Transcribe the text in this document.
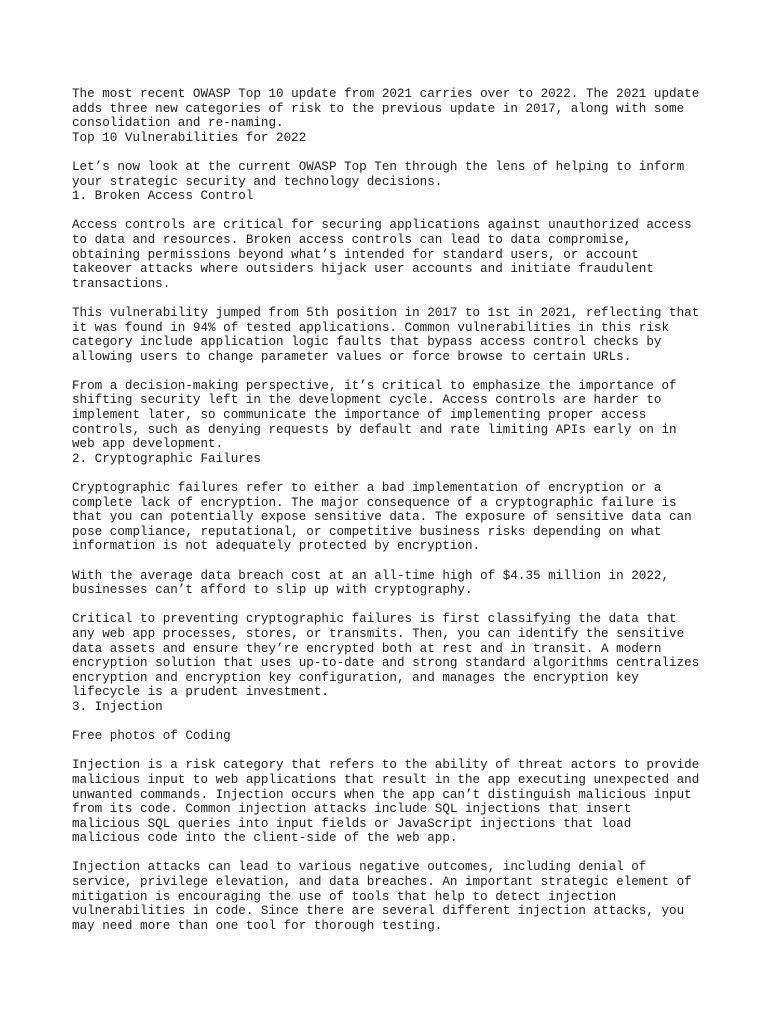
The most recent OWASP Top 10 update from 2021 carries over to 2022. The 2021 update
adds three new categories of risk to the previous update in 2017, along with some
consolidation and re-naming.
Top 10 Vulnerabilities for 2022
Let’s now look at the current OWASP Top Ten through the lens of helping to inform
your strategic security and technology decisions.
1. Broken Access Control
Access controls are critical for securing applications against unauthorized access
to data and resources. Broken access controls can lead to data compromise,
obtaining permissions beyond what’s intended for standard users, or account
takeover attacks where outsiders hijack user accounts and initiate fraudulent
transactions.
This vulnerability jumped from 5th position in 2017 to 1st in 2021, reflecting that
it was found in 94% of tested applications. Common vulnerabilities in this risk
category include application logic faults that bypass access control checks by
allowing users to change parameter values or force browse to certain URLs.
From a decision-making perspective, it’s critical to emphasize the importance of
shifting security left in the development cycle. Access controls are harder to
implement later, so communicate the importance of implementing proper access
controls, such as denying requests by default and rate limiting APIs early on in
web app development.
2. Cryptographic Failures
Cryptographic failures refer to either a bad implementation of encryption or a
complete lack of encryption. The major consequence of a cryptographic failure is
that you can potentially expose sensitive data. The exposure of sensitive data can
pose compliance, reputational, or competitive business risks depending on what
information is not adequately protected by encryption.
With the average data breach cost at an all-time high of $4.35 million in 2022,
businesses can’t afford to slip up with cryptography.
Critical to preventing cryptographic failures is first classifying the data that
any web app processes, stores, or transmits. Then, you can identify the sensitive
data assets and ensure they’re encrypted both at rest and in transit. A modern
encryption solution that uses up-to-date and strong standard algorithms centralizes
encryption and encryption key configuration, and manages the encryption key
lifecycle is a prudent investment.
3. Injection
Free photos of Coding
Injection is a risk category that refers to the ability of threat actors to provide
malicious input to web applications that result in the app executing unexpected and
unwanted commands. Injection occurs when the app can’t distinguish malicious input
from its code. Common injection attacks include SQL injections that insert
malicious SQL queries into input fields or JavaScript injections that load
malicious code into the client-side of the web app.
Injection attacks can lead to various negative outcomes, including denial of
service, privilege elevation, and data breaches. An important strategic element of
mitigation is encouraging the use of tools that help to detect injection
vulnerabilities in code. Since there are several different injection attacks, you
may need more than one tool for thorough testing.
